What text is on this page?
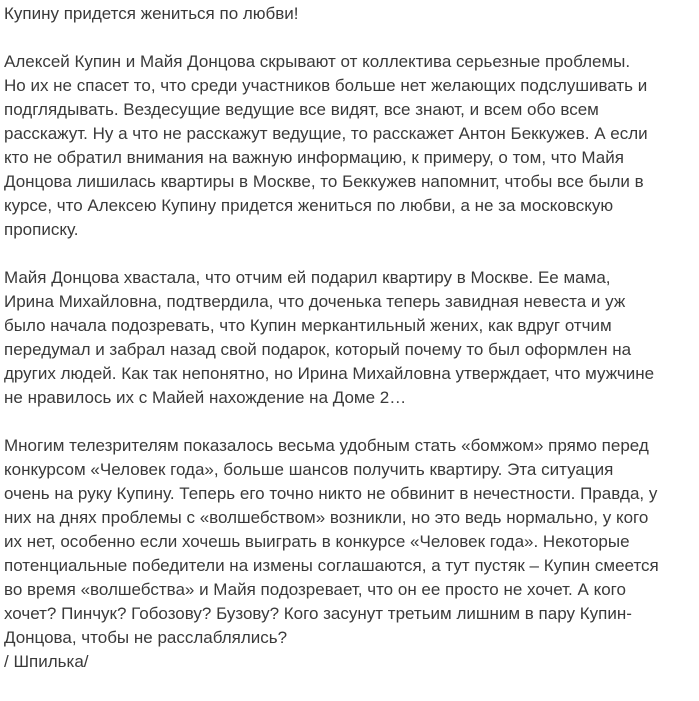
Купину придется жениться по любви!

Алексей Купин и Майя Донцова скрывают от коллектива серьезные проблемы.
Но их не спасет то, что среди участников больше нет желающих подслушивать и
подглядывать. Вездесущие ведущие все видят, все знают, и всем обо всем
расскажут. Ну а что не расскажут ведущие, то расскажет Антон Беккужев. А если
кто не обратил внимания на важную информацию, к примеру, о том, что Майя
Донцова лишилась квартиры в Москве, то Беккужев напомнит, чтобы все были в
курсе, что Алексею Купину придется жениться по любви, а не за московскую
прописку.

Майя Донцова хвастала, что отчим ей подарил квартиру в Москве. Ее мама,
Ирина Михайловна, подтвердила, что доченька теперь завидная невеста и уж
было начала подозревать, что Купин меркантильный жених, как вдруг отчим
передумал и забрал назад свой подарок, который почему то был оформлен на
других людей. Как так непонятно, но Ирина Михайловна утверждает, что мужчине
не нравилось их с Майей нахождение на Доме 2…

Многим телезрителям показалось весьма удобным стать «бомжом» прямо перед
конкурсом «Человек года», больше шансов получить квартиру. Эта ситуация
очень на руку Купину. Теперь его точно никто не обвинит в нечестности. Правда, у
них на днях проблемы с «волшебством» возникли, но это ведь нормально, у кого
их нет, особенно если хочешь выиграть в конкурсе «Человек года». Некоторые
потенциальные победители на измены соглашаются, а тут пустяк – Купин смеется
во время «волшебства» и Майя подозревает, что он ее просто не хочет. А кого
хочет? Пинчук? Гобозову? Бузову? Кого засунут третьим лишним в пару Купин-
Донцова, чтобы не расслаблялись?

/ Шпилька/
